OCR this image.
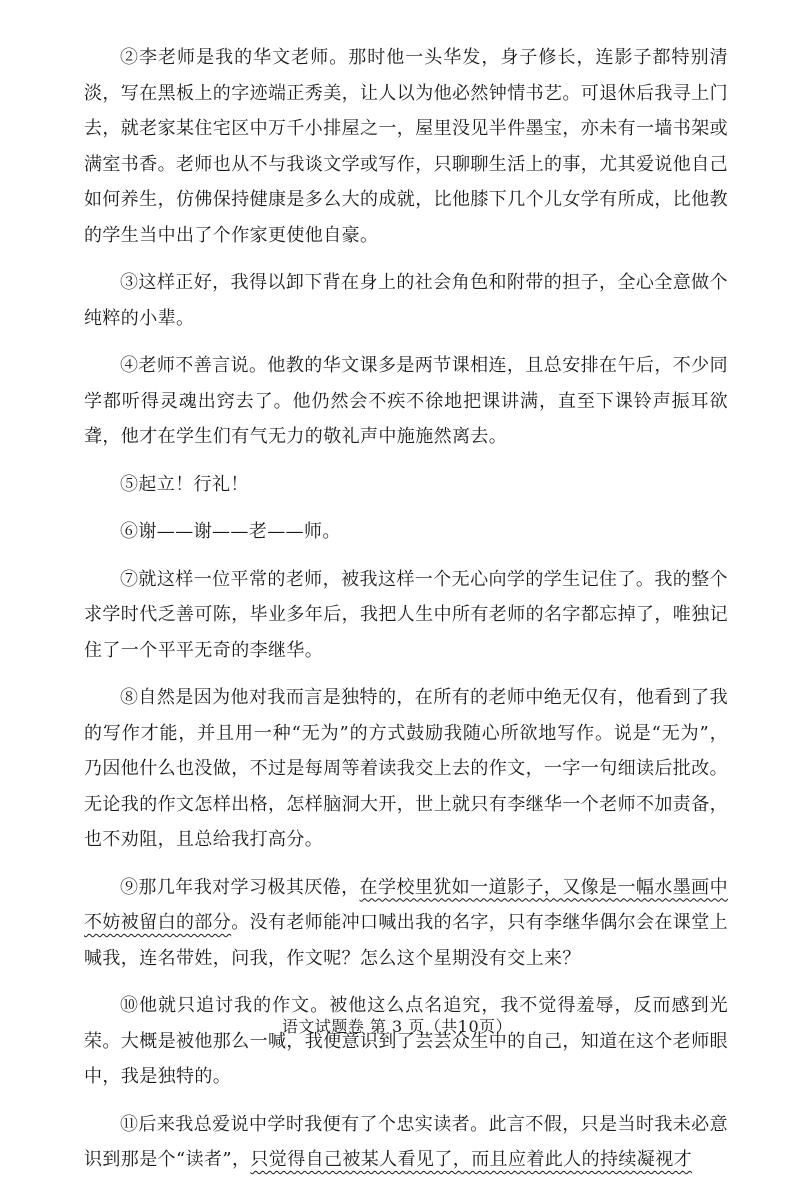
②李老师是我的华文老师。那时他一头华发，身子修长，连影子都特别清淡，写在黑板上的字迹端正秀美，让人以为他必然钟情书艺。可退休后我寻上门去，就老家某住宅区中万千小排屋之一，屋里没见半件墨宝，亦未有一墙书架或满室书香。老师也从不与我谈文学或写作，只聊聊生活上的事，尤其爱说他自己如何养生，仿佛保持健康是多么大的成就，比他膝下几个儿女学有所成，比他教的学生当中出了个作家更使他自豪。

③这样正好，我得以卸下背在身上的社会角色和附带的担子，全心全意做个纯粹的小辈。

④老师不善言说。他教的华文课多是两节课相连，且总安排在午后，不少同学都听得灵魂出窍去了。他仍然会不疾不徐地把课讲满，直至下课铃声振耳欲聋，他才在学生们有气无力的敬礼声中施施然离去。

⑤起立！行礼！

⑥谢——谢——老——师。

⑦就这样一位平常的老师，被我这样一个无心向学的学生记住了。我的整个求学时代乏善可陈，毕业多年后，我把人生中所有老师的名字都忘掉了，唯独记住了一个平平无奇的李继华。

⑧自然是因为他对我而言是独特的，在所有的老师中绝无仅有，他看到了我的写作才能，并且用一种“无为”的方式鼓励我随心所欲地写作。说是“无为”，乃因他什么也没做，不过是每周等着读我交上去的作文，一字一句细读后批改。无论我的作文怎样出格，怎样脑洞大开，世上就只有李继华一个老师不加责备，也不劝阻，且总给我打高分。

⑨那几年我对学习极其厌倦，在学校里犹如一道影子，又像是一幅水墨画中不妨被留白的部分。没有老师能冲口喊出我的名字，只有李继华偶尔会在课堂上喊我，连名带姓，问我，作文呢？怎么这个星期没有交上来？

⑩他就只追讨我的作文。被他这么点名追究，我不觉得羞辱，反而感到光荣。大概是被他那么一喊，我便意识到了芸芸众生中的自己，知道在这个老师眼中，我是独特的。

⑪后来我总爱说中学时我便有了个忠实读者。此言不假，只是当时我未必意识到那是个“读者”，只觉得自己被某人看见了，而且应着此人的持续凝视才

语文试题卷 第 3 页（共10页）
